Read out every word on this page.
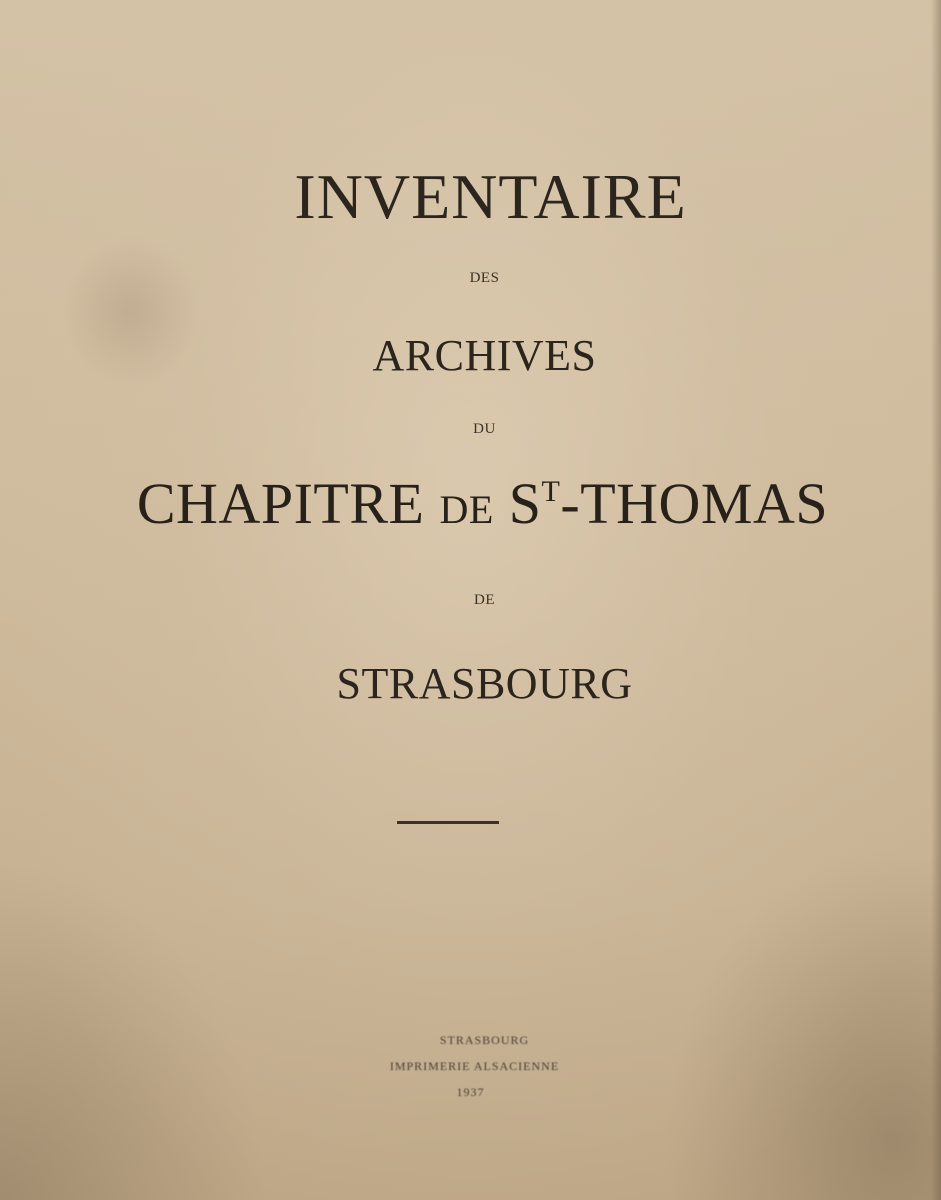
INVENTAIRE
DES
ARCHIVES
DU
CHAPITRE DE $S^T$-THOMAS
DE
STRASBOURG
STRASBOURG
IMPRIMERIE ALSACIENNE
1937
